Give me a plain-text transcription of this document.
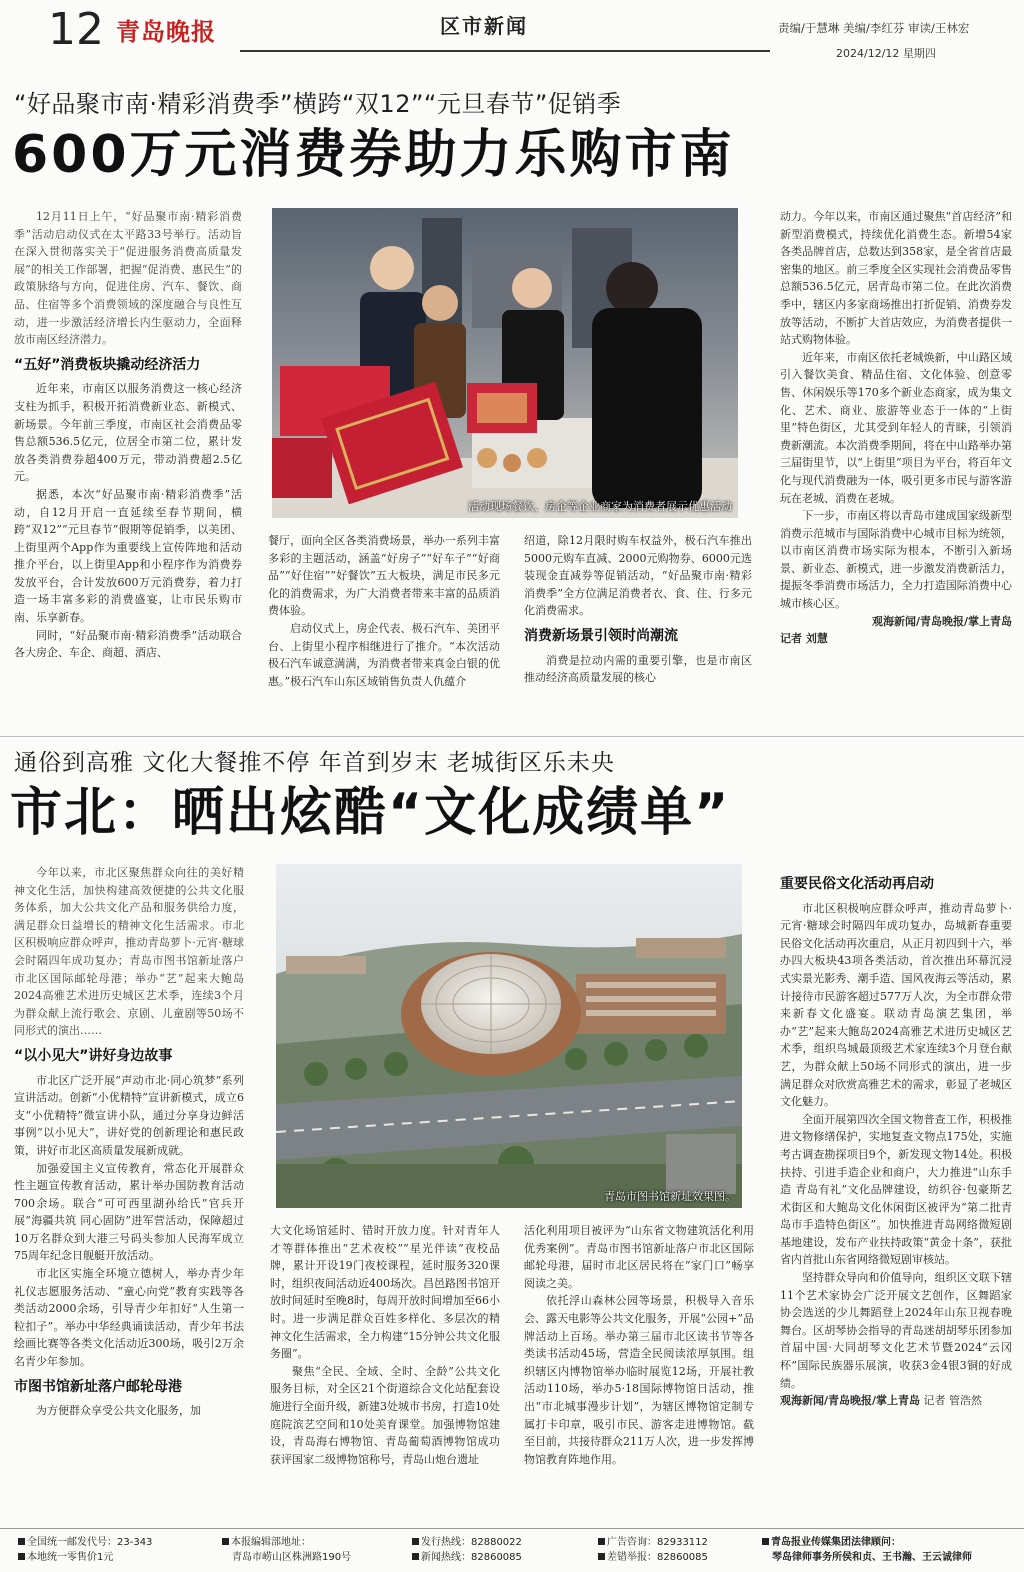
12 青岛晚报	区市新闻	责编/于慧琳 美编/李红芬 审读/王林宏
2024/12/12 星期四
“好品聚市南·精彩消费季”横跨“双12”“元旦春节”促销季
600万元消费券助力乐购市南

12月11日上午，“好品聚市南·精彩消费季”活动启动仪式在太平路33号举行。活动旨在深入贯彻落实关于“促进服务消费高质量发展”的相关工作部署，把握“促消费、惠民生”的政策脉络与方向，促进住房、汽车、餐饮、商品、住宿等多个消费领域的深度融合与良性互动，进一步激活经济增长内生驱动力，全面释放市南区经济潜力。

“五好”消费板块撬动经济活力

近年来，市南区以服务消费这一核心经济支柱为抓手，积极开拓消费新业态、新模式、新场景。今年前三季度，市南区社会消费品零售总额536.5亿元，位居全市第二位，累计发放各类消费券超400万元，带动消费超2.5亿元。

据悉，本次“好品聚市南·精彩消费季”活动，自12月开启一直延续至春节期间，横跨“双12”“元旦春节”假期等促销季，以美团、上街里两个App作为重要线上宣传阵地和活动推介平台，以上街里App和小程序作为消费券发放平台，合计发放600万元消费券，着力打造一场丰富多彩的消费盛宴，让市民乐购市南、乐享新春。

同时，“好品聚市南·精彩消费季”活动联合各大房企、车企、商超、酒店、

活动现场餐饮、房企等企业商家为消费者展示优惠活动

餐厅，面向全区各类消费场景，举办一系列丰富多彩的主题活动，涵盖“好房子”“好车子”“好商品”“好住宿”“好餐饮”五大板块，满足市民多元化的消费需求，为广大消费者带来丰富的品质消费体验。

启动仪式上，房企代表、极石汽车、美团平台、上街里小程序相继进行了推介。“本次活动极石汽车诚意满满，为消费者带来真金白银的优惠。”极石汽车山东区域销售负责人仇蕴介

绍道，除12月限时购车权益外，极石汽车推出5000元购车直减、2000元购物券、6000元选装现金直减券等促销活动，“好品聚市南·精彩消费季”全方位满足消费者衣、食、住、行多元化消费需求。

消费新场景引领时尚潮流

消费是拉动内需的重要引擎，也是市南区推动经济高质量发展的核心

动力。今年以来，市南区通过聚焦“首店经济”和新型消费模式，持续优化消费生态。新增54家各类品牌首店，总数达到358家，是全省首店最密集的地区。前三季度全区实现社会消费品零售总额536.5亿元，居青岛市第二位。在此次消费季中，辖区内多家商场推出打折促销、消费券发放等活动，不断扩大首店效应，为消费者提供一站式购物体验。

近年来，市南区依托老城焕新，中山路区域引入餐饮美食、精品住宿、文化体验、创意零售、休闲娱乐等170多个新业态商家，成为集文化、艺术、商业、旅游等业态于一体的“上街里”特色街区，尤其受到年轻人的青睐，引领消费新潮流。本次消费季期间，将在中山路举办第三届街里节，以“上街里”项目为平台，将百年文化与现代消费融为一体，吸引更多市民与游客游玩在老城、消费在老城。

下一步，市南区将以青岛市建成国家级新型消费示范城市与国际消费中心城市目标为统领，以市南区消费市场实际为根本，不断引入新场景、新业态、新模式，进一步激发消费新活力，提振冬季消费市场活力，全力打造国际消费中心城市核心区。

观海新闻/青岛晚报/掌上青岛
记者 刘慧
通俗到高雅 文化大餐推不停 年首到岁末 老城街区乐未央
市北：晒出炫酷“文化成绩单”

今年以来，市北区聚焦群众向往的美好精神文化生活，加快构建高效便捷的公共文化服务体系，加大公共文化产品和服务供给力度，满足群众日益增长的精神文化生活需求。市北区积极响应群众呼声，推动青岛萝卜·元宵·糖球会时隔四年成功复办；青岛市图书馆新址落户市北区国际邮轮母港；举办“艺”起来大鲍岛2024高雅艺术进历史城区艺术季，连续3个月为群众献上流行歌会、京剧、儿童剧等50场不同形式的演出……

“以小见大”讲好身边故事

市北区广泛开展“声动市北·同心筑梦”系列宣讲活动。创新“小优精特”宣讲新模式，成立6支“小优精特”微宣讲小队，通过分享身边鲜活事例“以小见大”，讲好党的创新理论和惠民政策，讲好市北区高质量发展新成就。

加强爱国主义宣传教育，常态化开展群众性主题宣传教育活动，累计举办国防教育活动700余场。联合“可可西里湖孙给氏”官兵开展“海疆共筑 同心固防”进军营活动，保障超过10万名群众到大港三号码头参加人民海军成立75周年纪念日舰艇开放活动。

市北区实施全环境立德树人，举办青少年礼仪志愿服务活动、“童心向党”教育实践等各类活动2000余场，引导青少年扣好“人生第一粒扣子”。举办中华经典诵读活动，青少年书法绘画比赛等各类文化活动近300场，吸引2万余名青少年参加。

市图书馆新址落户邮轮母港

为方便群众享受公共文化服务，加

青岛市图书馆新址效果图。

大文化场馆延时、错时开放力度。针对青年人才等群体推出“艺术夜校”“星光伴读”夜校品牌，累计开设19门夜校课程，延时服务320课时，组织夜间活动近400场次。昌邑路图书馆开放时间延时至晚8时，每周开放时间增加至66小时。进一步满足群众百姓多样化、多层次的精神文化生活需求，全力构建“15分钟公共文化服务圈”。

聚焦“全民、全域、全时、全龄”公共文化服务目标，对全区21个街道综合文化站配套设施进行全面升级，新建3处城市书房，打造10处庭院滨艺空间和10处美育课堂。加强博物馆建设，青岛海右博物馆、青岛葡萄酒博物馆成功获评国家二级博物馆称号，青岛山炮台遗址

活化利用项目被评为“山东省文物建筑活化利用优秀案例”。青岛市图书馆新址落户市北区国际邮轮母港，届时市北区居民将在“家门口”畅享阅读之美。

依托浮山森林公园等场景，积极导入音乐会、露天电影等公共文化服务，开展“公园+”品牌活动上百场。举办第三届市北区读书节等各类读书活动45场，营造全民阅读浓厚氛围。组织辖区内博物馆举办临时展览12场，开展社教活动110场，举办5·18国际博物馆日活动，推出“市北城事漫步计划”，为辖区博物馆定制专属打卡印章，吸引市民、游客走进博物馆。截至目前，共接待群众211万人次，进一步发挥博物馆教育阵地作用。

重要民俗文化活动再启动

市北区积极响应群众呼声，推动青岛萝卜·元宵·糖球会时隔四年成功复办，岛城新春重要民俗文化活动再次重启，从正月初四到十六，举办四大板块43项各类活动，首次推出环幕沉浸式实景光影秀、潮手造、国风夜海云等活动，累计接待市民游客超过577万人次，为全市群众带来新春文化盛宴。联动青岛演艺集团，举办“艺”起来大鲍岛2024高雅艺术进历史城区艺术季，组织鸟城最顶级艺术家连续3个月登台献艺，为群众献上50场不同形式的演出，进一步满足群众对欣赏高雅艺术的需求，彰显了老城区文化魅力。

全面开展第四次全国文物普查工作，积极推进文物修缮保护，实地复查文物点175处，实施考古调查勘探项目9个，新发现文物14处。积极扶持、引进手造企业和商户，大力推进“山东手造 青岛有礼”文化品牌建设，纺织谷·包豪斯艺术街区和大鲍岛文化休闲街区被评为“第二批青岛市手造特色街区”。加快推进青岛网络微短剧基地建设，发布产业扶持政策“黄金十条”，获批省内首批山东省网络微短剧审核站。

坚持群众导向和价值导向，组织区文联下辖11个艺术家协会广泛开展文艺创作，区舞蹈家协会选送的少儿舞蹈登上2024年山东卫视春晚舞台。区胡琴协会指导的青岛迷胡胡琴乐团参加首届中国·大同胡琴文化艺术节暨2024“云冈杯”国际民族器乐展演，收获3金4银3铜的好成绩。

观海新闻/青岛晚报/掌上青岛 记者 管浩然
全国统一邮发代号：23-343
本地统一零售价1元
本报编辑部地址：
青岛市崂山区株洲路190号
发行热线：82880022
新闻热线：82860085
广告咨询：82933112
差错举报：82860085
青岛报业传媒集团法律顾问：
琴岛律师事务所侯和贞、王书瀚、王云诚律师
